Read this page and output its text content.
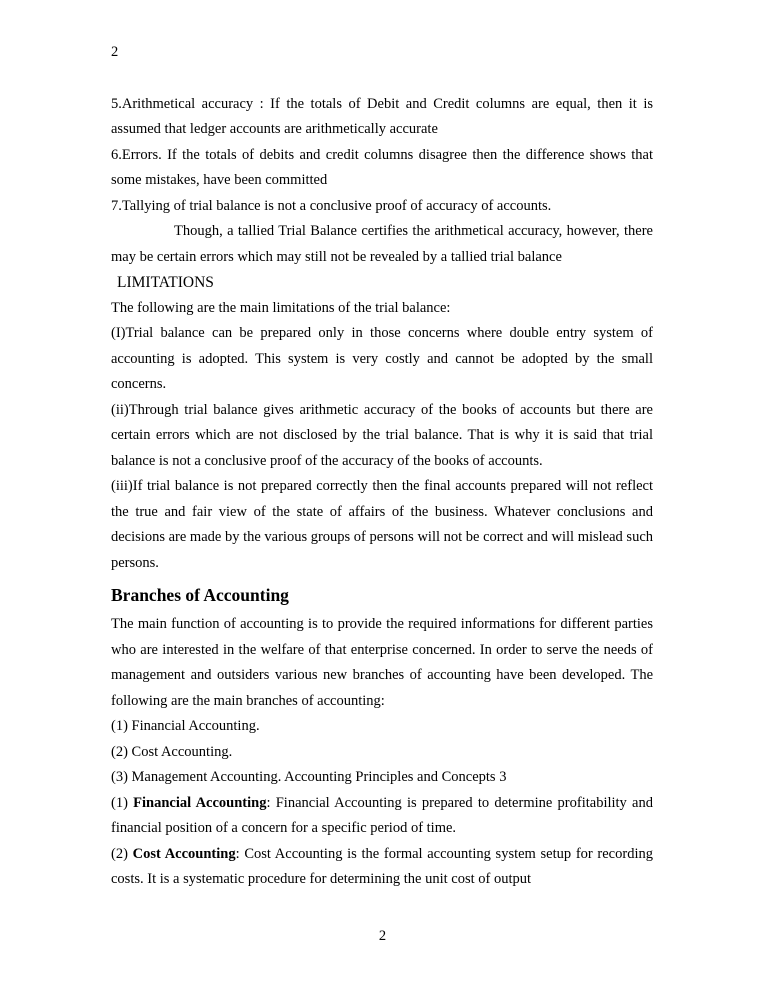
2

5.Arithmetical accuracy : If the totals of Debit and Credit columns are equal, then it is assumed that ledger accounts are arithmetically accurate

6.Errors. If the totals of debits and credit columns disagree then the difference shows that some mistakes, have been committed

7.Tallying of trial balance is not a conclusive proof of accuracy of accounts.

Though, a tallied Trial Balance certifies the arithmetical accuracy, however, there may be certain errors which may still not be revealed by a tallied trial balance

LIMITATIONS

The following are the main limitations of the trial balance:

(I)Trial balance can be prepared only in those concerns where double entry system of accounting is adopted. This system is very costly and cannot be adopted by the small concerns.

(ii)Through trial balance gives arithmetic accuracy of the books of accounts but there are certain errors which are not disclosed by the trial balance. That is why it is said that trial balance is not a conclusive proof of the accuracy of the books of accounts.

(iii)If trial balance is not prepared correctly then the final accounts prepared will not reflect the true and fair view of the state of affairs of the business. Whatever conclusions and decisions are made by the various groups of persons will not be correct and will mislead such persons.

Branches of Accounting

The main function of accounting is to provide the required informations for different parties who are interested in the welfare of that enterprise concerned. In order to serve the needs of management and outsiders various new branches of accounting have been developed. The following are the main branches of accounting:

(1) Financial Accounting.

(2) Cost Accounting.

(3) Management Accounting. Accounting Principles and Concepts 3

(1) Financial Accounting: Financial Accounting is prepared to determine profitability and financial position of a concern for a specific period of time.

(2) Cost Accounting: Cost Accounting is the formal accounting system setup for recording costs. It is a systematic procedure for determining the unit cost of output

2
